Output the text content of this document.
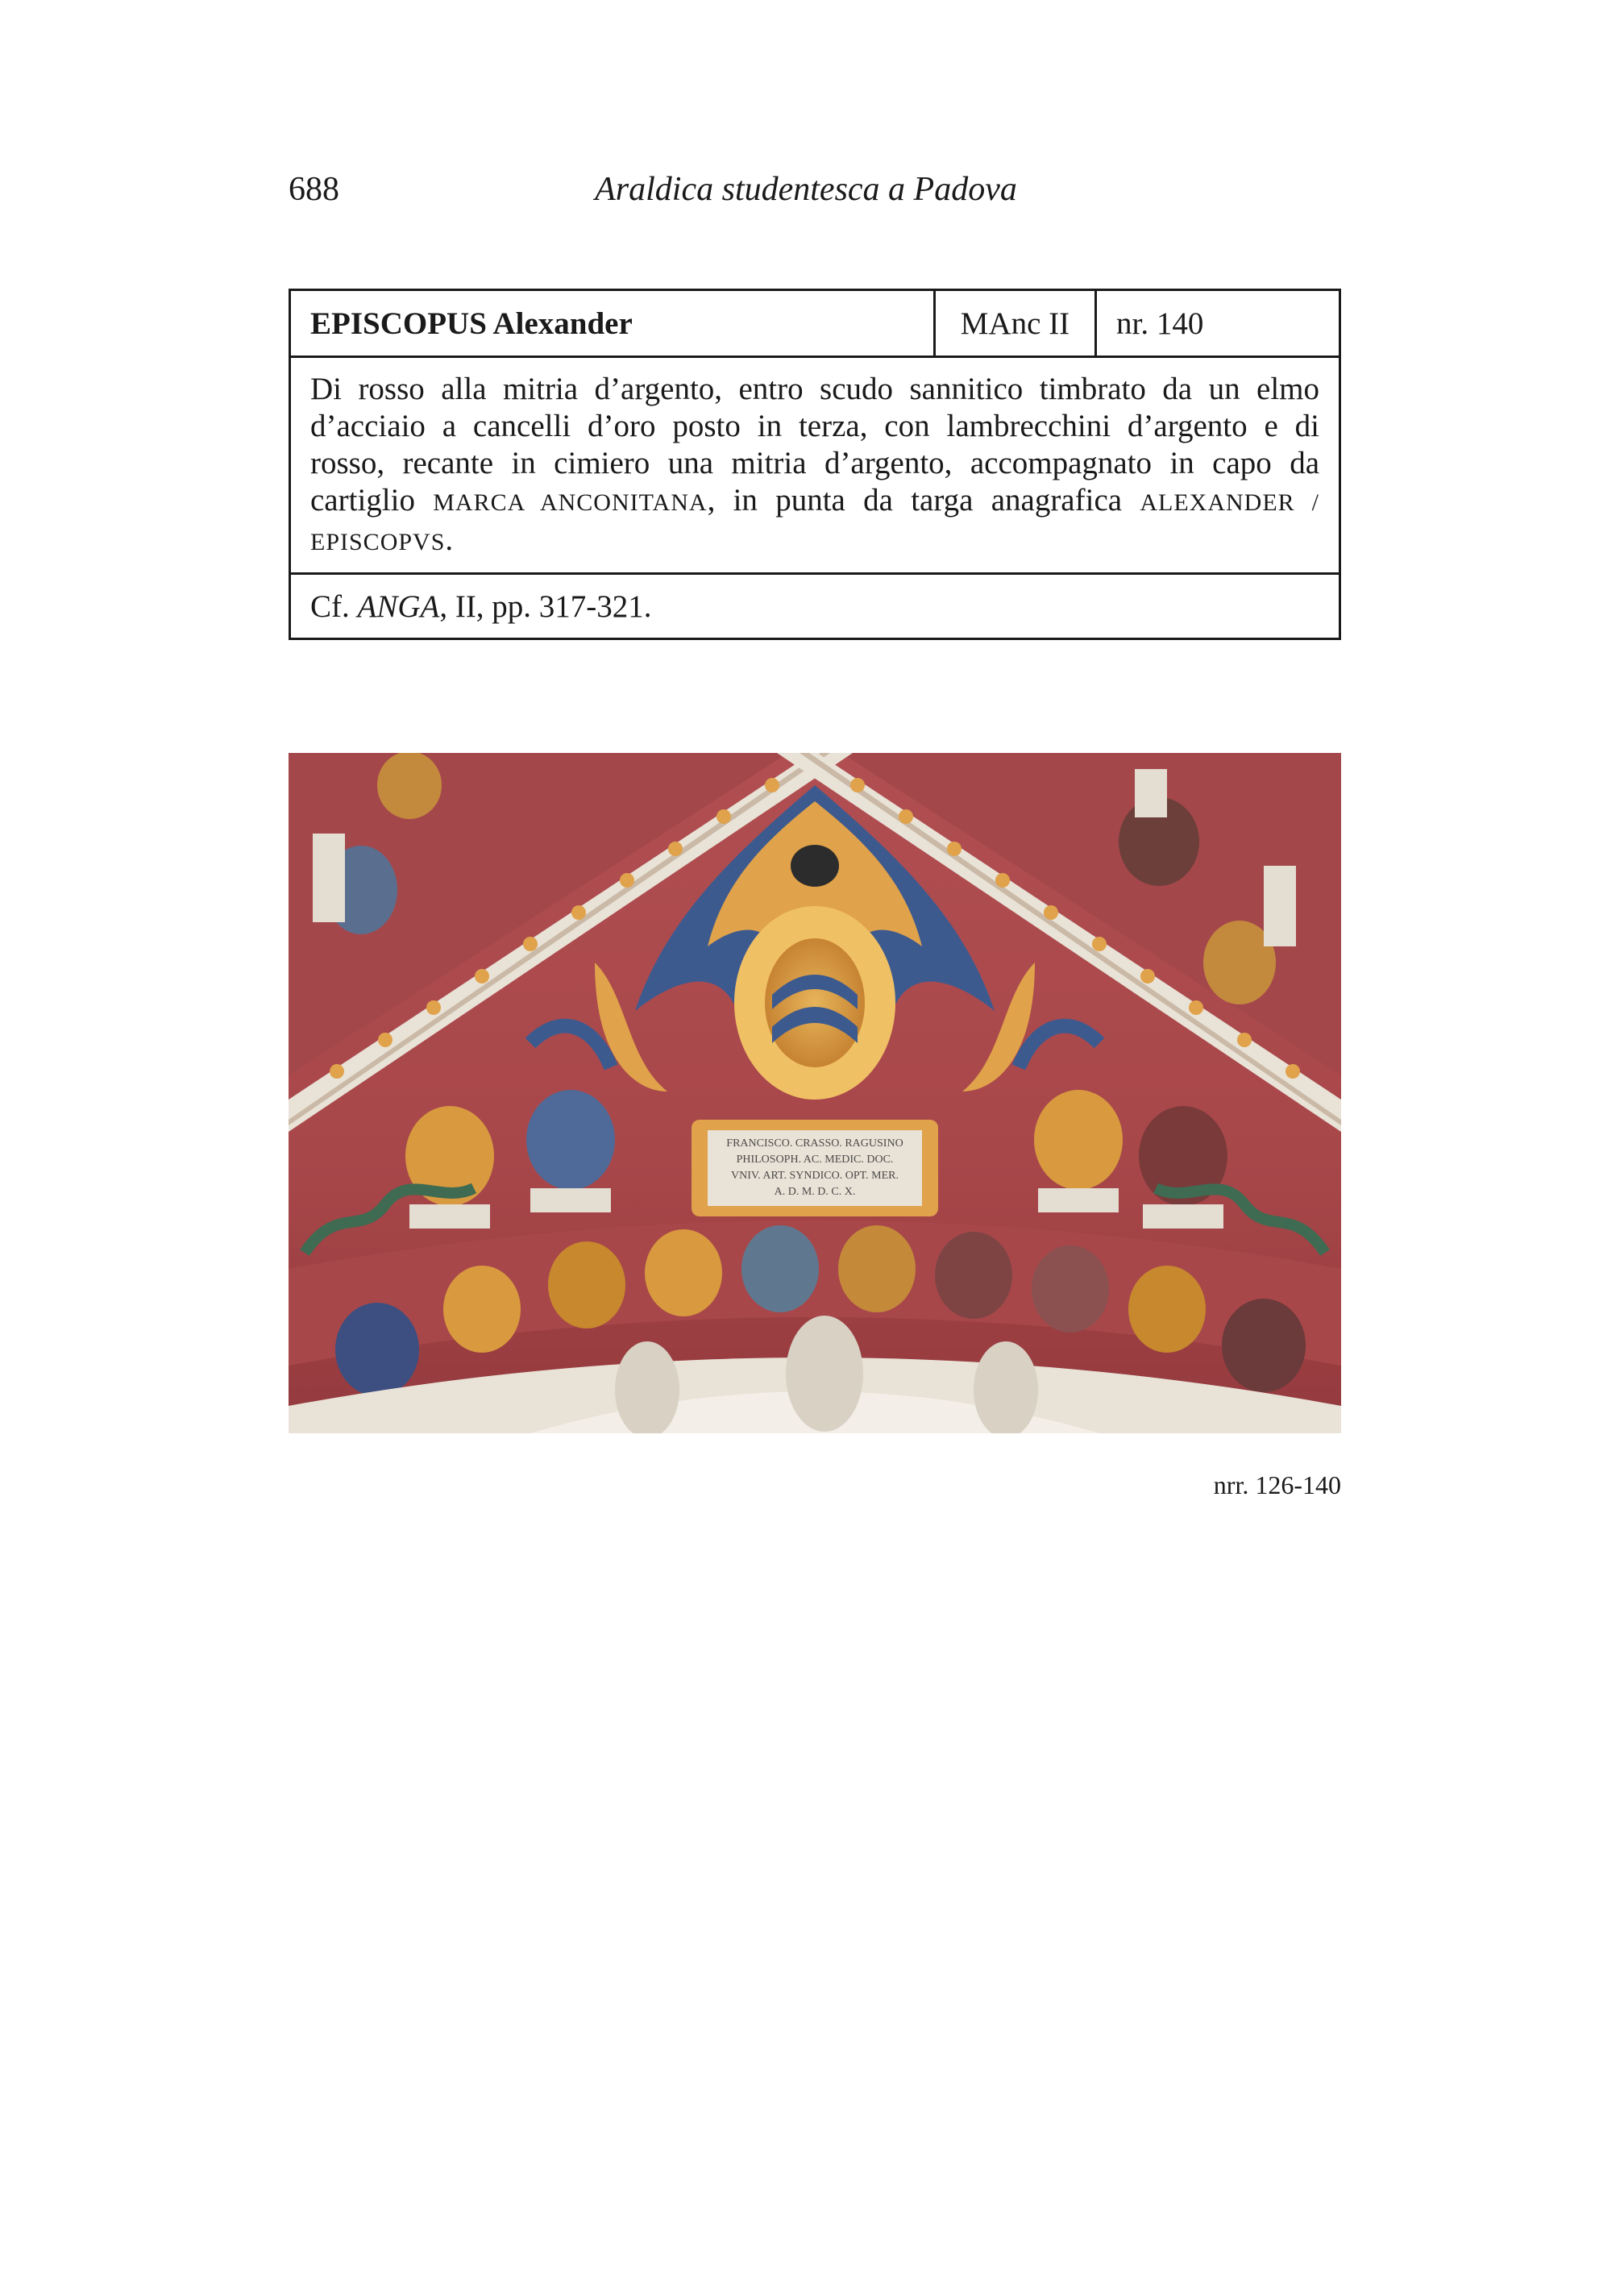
688	Araldica studentesca a Padova
EPISCOPUS Alexander	MAnc II	nr. 140
Di rosso alla mitria d’argento, entro scudo sannitico timbrato da un elmo
d’acciaio a cancelli d’oro posto in terza, con lambrecchini d’argento e di
rosso, recante in cimiero una mitria d’argento, accompagnato in capo da
cartiglio MARCA ANCONITANA, in punta da targa anagrafica ALEXANDER /
EPISCOPVS.
Cf.
ANGA , II, pp. 317-321.
FRANCISCO. CRASSO. RAGUSINO
PHILOSOPH. AC. MEDIC. DOC.
VNIV. ART. SYNDICO. OPT. MER.
A. D. M. D. C. X.
nrr. 126-140
